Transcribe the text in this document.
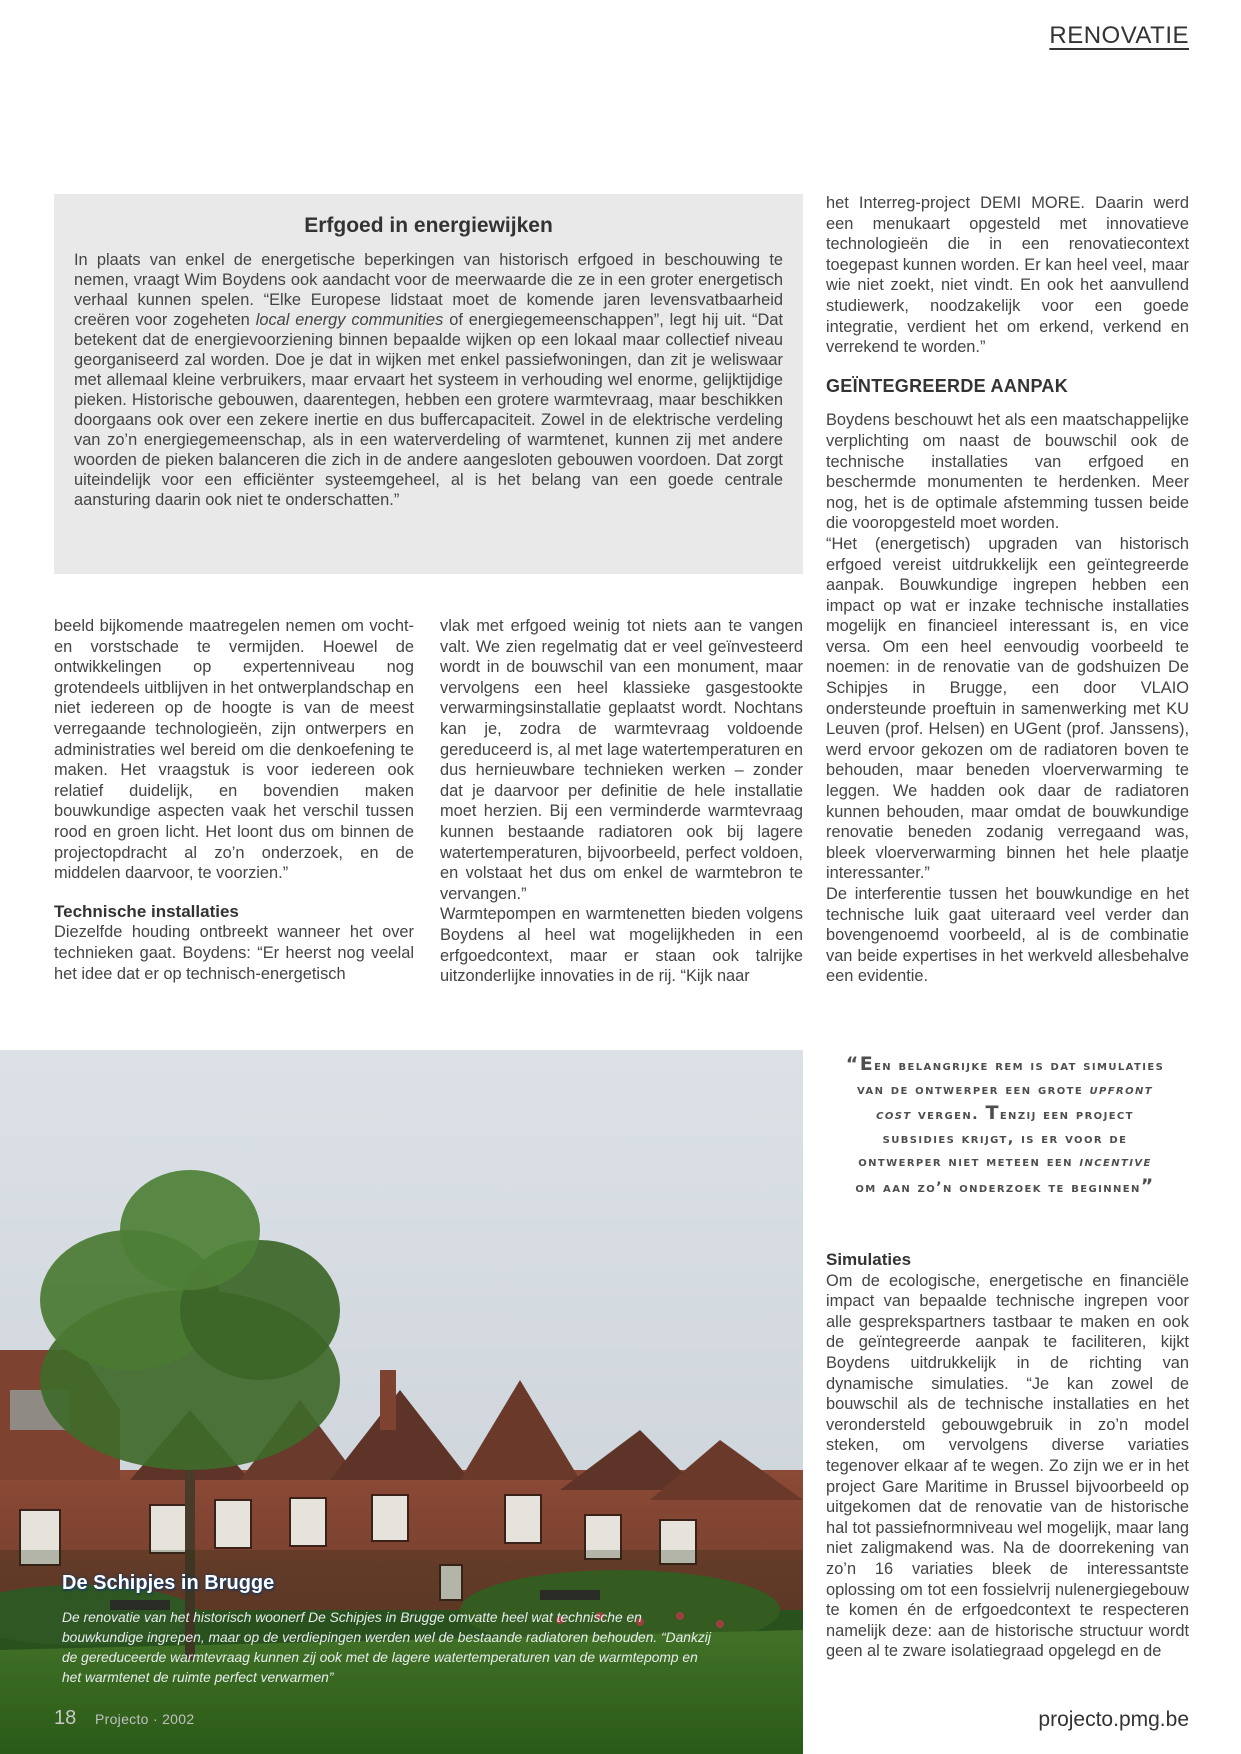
RENOVATIE
Erfgoed in energiewijken
In plaats van enkel de energetische beperkingen van historisch erfgoed in beschouwing te nemen, vraagt Wim Boydens ook aandacht voor de meerwaarde die ze in een groter energetisch verhaal kunnen spelen. “Elke Europese lidstaat moet de komende jaren levensvatbaarheid creëren voor zogeheten local energy communities of energiegemeenschappen”, legt hij uit. “Dat betekent dat de energievoorziening binnen bepaalde wijken op een lokaal maar collectief niveau georganiseerd zal worden. Doe je dat in wijken met enkel passiefwoningen, dan zit je weliswaar met allemaal kleine verbruikers, maar ervaart het systeem in verhouding wel enorme, gelijktijdige pieken. Historische gebouwen, daarentegen, hebben een grotere warmtevraag, maar beschikken doorgaans ook over een zekere inertie en dus buffercapaciteit. Zowel in de elektrische verdeling van zo’n energiegemeenschap, als in een waterverdeling of warmtenet, kunnen zij met andere woorden de pieken balanceren die zich in de andere aangesloten gebouwen voordoen. Dat zorgt uiteindelijk voor een efficiënter systeemgeheel, al is het belang van een goede centrale aansturing daarin ook niet te onderschatten.”

beeld bijkomende maatregelen nemen om vocht- en vorstschade te vermijden. Hoewel de ontwikkelingen op expertenniveau nog grotendeels uitblijven in het ontwerplandschap en niet iedereen op de hoogte is van de meest verregaande technologieën, zijn ontwerpers en administraties wel bereid om die denkoefening te maken. Het vraagstuk is voor iedereen ook relatief duidelijk, en bovendien maken bouwkundige aspecten vaak het verschil tussen rood en groen licht. Het loont dus om binnen de projectopdracht al zo’n onderzoek, en de middelen daarvoor, te voorzien.”

Technische installaties

Diezelfde houding ontbreekt wanneer het over technieken gaat. Boydens: “Er heerst nog veelal het idee dat er op technisch-energetisch

vlak met erfgoed weinig tot niets aan te vangen valt. We zien regelmatig dat er veel geïnvesteerd wordt in de bouwschil van een monument, maar vervolgens een heel klassieke gasgestookte verwarmingsinstallatie geplaatst wordt. Nochtans kan je, zodra de warmtevraag voldoende gereduceerd is, al met lage watertemperaturen en dus hernieuwbare technieken werken – zonder dat je daarvoor per definitie de hele installatie moet herzien. Bij een verminderde warmtevraag kunnen bestaande radiatoren ook bij lagere watertemperaturen, bijvoorbeeld, perfect voldoen, en volstaat het dus om enkel de warmtebron te vervangen.”

Warmtepompen en warmtenetten bieden volgens Boydens al heel wat mogelijkheden in een erfgoedcontext, maar er staan ook talrijke uitzonderlijke innovaties in de rij. “Kijk naar

het Interreg-project DEMI MORE. Daarin werd een menukaart opgesteld met innovatieve technologieën die in een renovatiecontext toegepast kunnen worden. Er kan heel veel, maar wie niet zoekt, niet vindt. En ook het aanvullend studiewerk, noodzakelijk voor een goede integratie, verdient het om erkend, verkend en verrekend te worden.”

GEÏNTEGREERDE AANPAK

Boydens beschouwt het als een maatschappelijke verplichting om naast de bouwschil ook de technische installaties van erfgoed en beschermde monumenten te herdenken. Meer nog, het is de optimale afstemming tussen beide die vooropgesteld moet worden.

“Het (energetisch) upgraden van historisch erfgoed vereist uitdrukkelijk een geïntegreerde aanpak. Bouwkundige ingrepen hebben een impact op wat er inzake technische installaties mogelijk en financieel interessant is, en vice versa. Om een heel eenvoudig voorbeeld te noemen: in de renovatie van de godshuizen De Schipjes in Brugge, een door VLAIO ondersteunde proeftuin in samenwerking met KU Leuven (prof. Helsen) en UGent (prof. Janssens), werd ervoor gekozen om de radiatoren boven te behouden, maar beneden vloerverwarming te leggen. We hadden ook daar de radiatoren kunnen behouden, maar omdat de bouwkundige renovatie beneden zodanig verregaand was, bleek vloerverwarming binnen het hele plaatje interessanter.”

De interferentie tussen het bouwkundige en het technische luik gaat uiteraard veel verder dan bovengenoemd voorbeeld, al is de combinatie van beide expertises in het werkveld allesbehalve een evidentie.

“Een belangrijke rem is dat simulaties
van de ontwerper een grote upfront
cost vergen. Tenzij een project
subsidies krijgt, is er voor de
ontwerper niet meteen een incentive
om aan zo’n onderzoek te beginnen”

Simulaties

Om de ecologische, energetische en financiële impact van bepaalde technische ingrepen voor alle gesprekspartners tastbaar te maken en ook de geïntegreerde aanpak te faciliteren, kijkt Boydens uitdrukkelijk in de richting van dynamische simulaties. “Je kan zowel de bouwschil als de technische installaties en het verondersteld gebouwgebruik in zo’n model steken, om vervolgens diverse variaties tegenover elkaar af te wegen. Zo zijn we er in het project Gare Maritime in Brussel bijvoorbeeld op uitgekomen dat de renovatie van de historische hal tot passiefnormniveau wel mogelijk, maar lang niet zaligmakend was. Na de doorrekening van zo’n 16 variaties bleek de interessantste oplossing om tot een fossielvrij nulenergiegebouw te komen én de erfgoedcontext te respecteren namelijk deze: aan de historische structuur wordt geen al te zware isolatiegraad opgelegd en de

De Schipjes in Brugge
De renovatie van het historisch woonerf De Schipjes in Brugge omvatte heel wat technische en bouwkundige ingrepen, maar op de verdiepingen werden wel de bestaande radiatoren behouden. “Dankzij de gereduceerde warmtevraag kunnen zij ook met de lagere watertemperaturen van de warmtepomp en het warmtenet de ruimte perfect verwarmen”
18 Projecto · 2002	projecto.pmg.be
